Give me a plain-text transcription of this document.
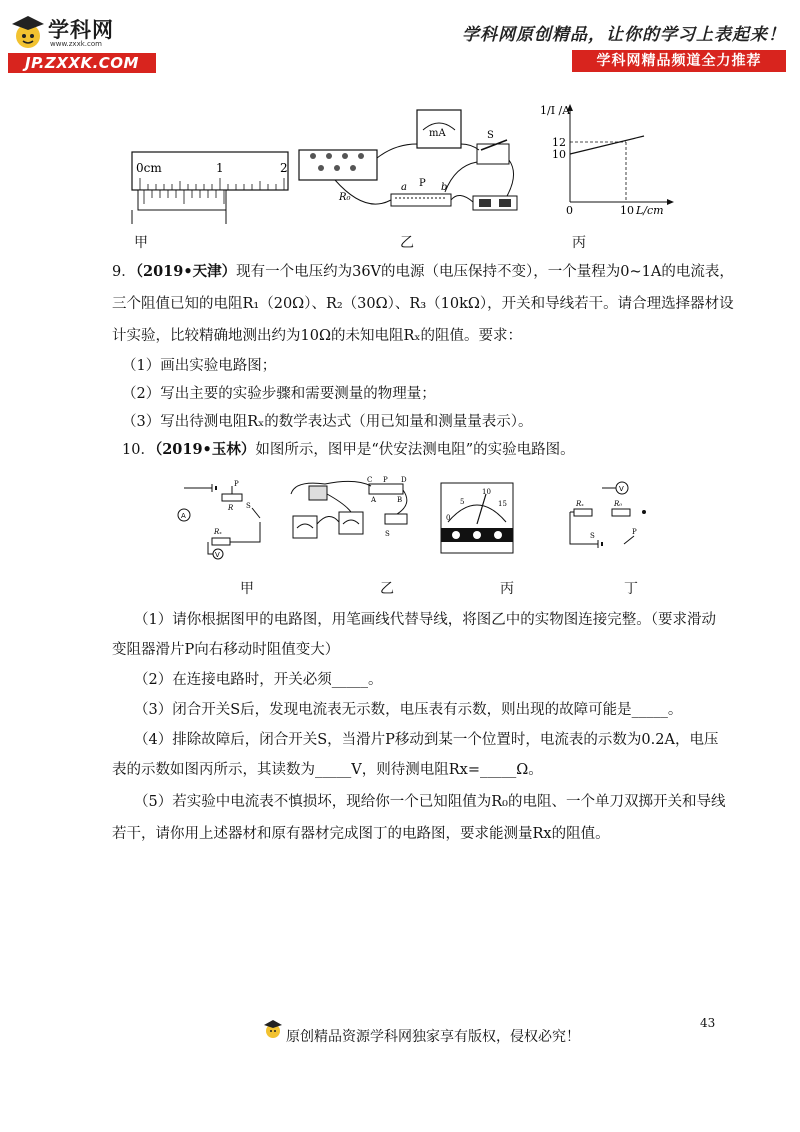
学科网
www.zxxk.com
JP.ZXXK.COM
学科网原创精品，让你的学习上表起来！
学科网精品频道全力推荐
0cm	1	2
甲
R₀
mA	S
a P b
乙
1/I /A
12
10
0	10 L/cm
丙
9．（2019•天津）现有一个电压约为36V的电源（电压保持不变），一个量程为0~1A的电流表，
三个阻值已知的电阻R₁（20Ω）、R₂（30Ω）、R₃（10kΩ），开关和导线若干。请合理选择器材设
计实验，比较精确地测出约为10Ω的未知电阻Rₓ的阻值。要求：
（1）画出实验电路图；
（2）写出主要的实验步骤和需要测量的物理量；
（3）写出待测电阻Rₓ的数学表达式（用已知量和测量量表示）。
10．（2019•玉林）如图所示，图甲是“伏安法测电阻”的实验电路图。
A
V
P
R S
Rₓ
C P D
A	B
S
10
5	15
0
V
Rₓ	R₀
S	P
甲	乙	丙	丁
（1）请你根据图甲的电路图，用笔画线代替导线，将图乙中的实物图连接完整。（要求滑动
变阻器滑片P向右移动时阻值变大）
（2）在连接电路时，开关必须_____。
（3）闭合开关S后，发现电流表无示数，电压表有示数，则出现的故障可能是_____。
（4）排除故障后，闭合开关S，当滑片P移动到某一个位置时，电流表的示数为0.2A，电压
表的示数如图丙所示，其读数为_____V，则待测电阻Rx=_____Ω。
（5）若实验中电流表不慎损坏，现给你一个已知阻值为R₀的电阻、一个单刀双掷开关和导线
若干，请你用上述器材和原有器材完成图丁的电路图，要求能测量Rx的阻值。
43
原创精品资源学科网独家享有版权，侵权必究！
